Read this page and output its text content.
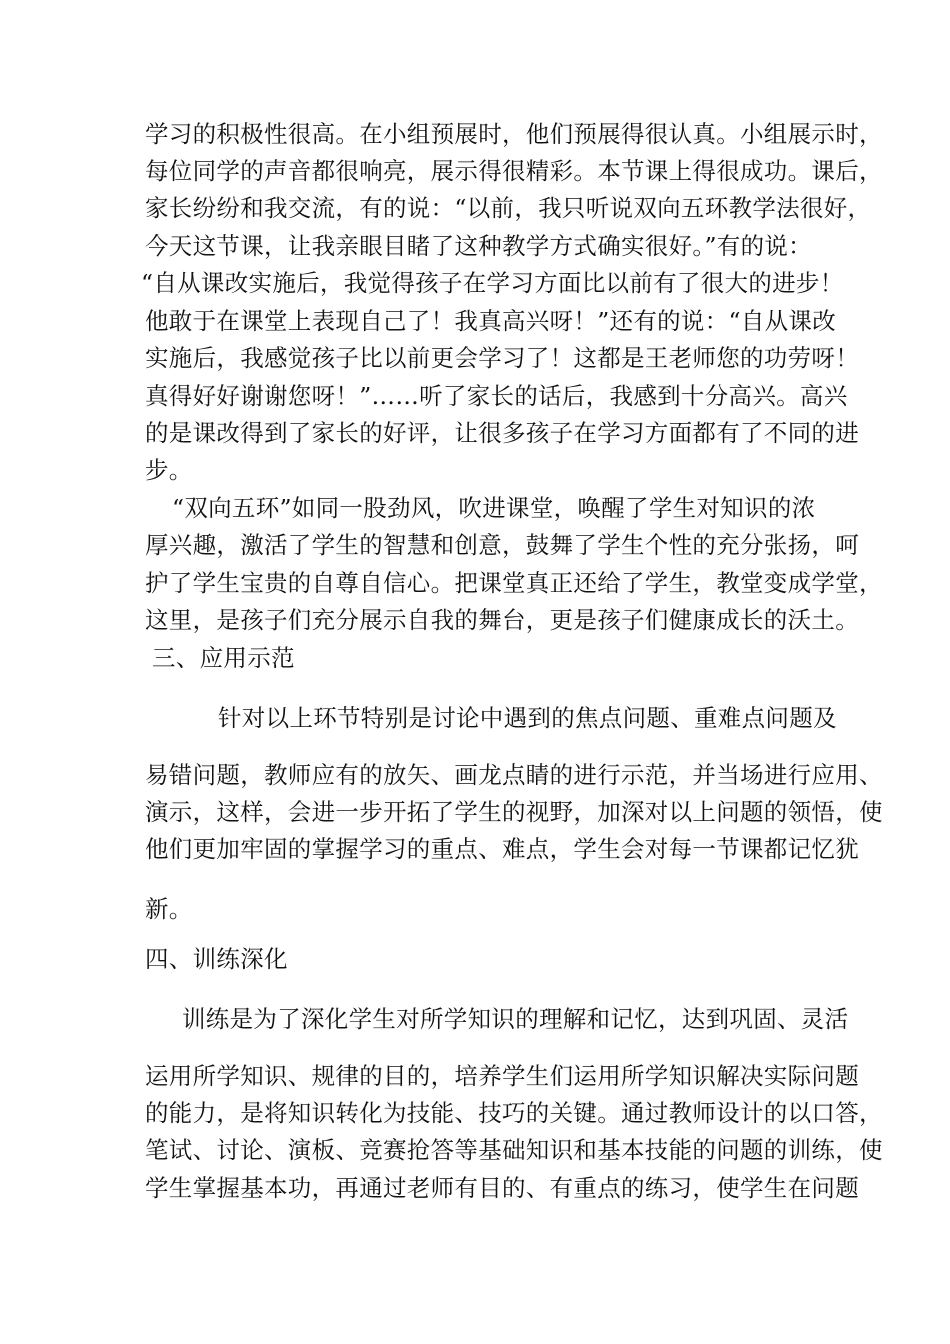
学习的积极性很高。在小组预展时，他们预展得很认真。小组展示时，
每位同学的声音都很响亮，展示得很精彩。本节课上得很成功。课后，
家长纷纷和我交流，有的说：“以前，我只听说双向五环教学法很好，
今天这节课，让我亲眼目睹了这种教学方式确实很好。”有的说：
“自从课改实施后，我觉得孩子在学习方面比以前有了很大的进步！
他敢于在课堂上表现自己了！我真高兴呀！”还有的说：“自从课改
实施后，我感觉孩子比以前更会学习了！这都是王老师您的功劳呀！
真得好好谢谢您呀！”……听了家长的话后，我感到十分高兴。高兴
的是课改得到了家长的好评，让很多孩子在学习方面都有了不同的进
步。
“双向五环”如同一股劲风，吹进课堂，唤醒了学生对知识的浓
厚兴趣，激活了学生的智慧和创意，鼓舞了学生个性的充分张扬，呵
护了学生宝贵的自尊自信心。把课堂真正还给了学生，教堂变成学堂，
这里，是孩子们充分展示自我的舞台，更是孩子们健康成长的沃土。
三、应用示范
针对以上环节特别是讨论中遇到的焦点问题、重难点问题及
易错问题，教师应有的放矢、画龙点睛的进行示范，并当场进行应用、
演示，这样，会进一步开拓了学生的视野，加深对以上问题的领悟，使
他们更加牢固的掌握学习的重点、难点，学生会对每一节课都记忆犹
新。
四、训练深化
训练是为了深化学生对所学知识的理解和记忆，达到巩固、灵活
运用所学知识、规律的目的，培养学生们运用所学知识解决实际问题
的能力，是将知识转化为技能、技巧的关键。通过教师设计的以口答，
笔试、讨论、演板、竞赛抢答等基础知识和基本技能的问题的训练，使
学生掌握基本功，再通过老师有目的、有重点的练习，使学生在问题
